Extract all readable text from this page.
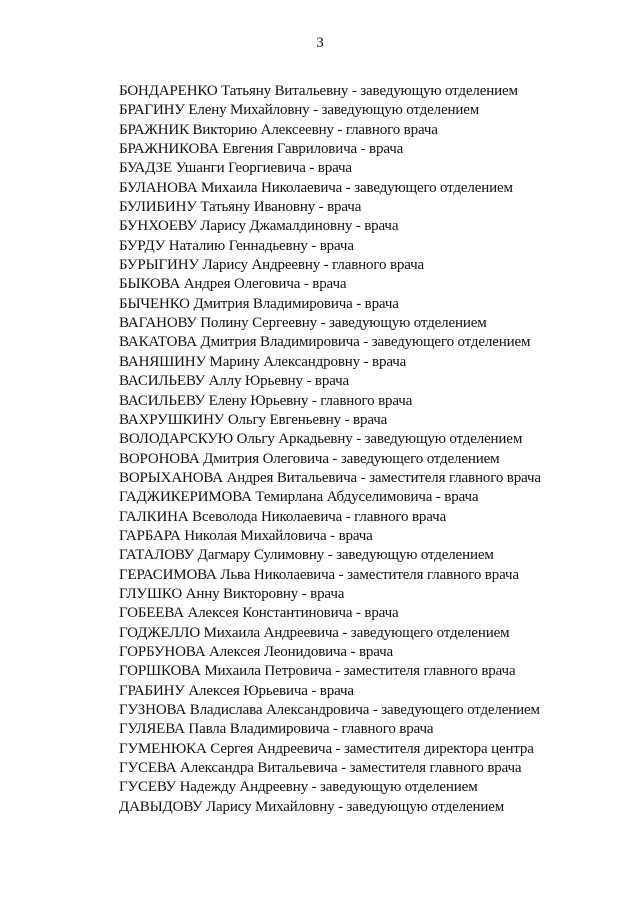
3
БОНДАРЕНКО Татьяну Витальевну - заведующую отделением
БРАГИНУ Елену Михайловну - заведующую отделением
БРАЖНИК Викторию Алексеевну - главного врача
БРАЖНИКОВА Евгения Гавриловича - врача
БУАДЗЕ Ушанги Георгиевича - врача
БУЛАНОВА Михаила Николаевича - заведующего отделением
БУЛИБИНУ Татьяну Ивановну - врача
БУНХОЕВУ Ларису Джамалдиновну - врача
БУРДУ Наталию Геннадьевну - врача
БУРЫГИНУ Ларису Андреевну - главного врача
БЫКОВА Андрея Олеговича - врача
БЫЧЕНКО Дмитрия Владимировича - врача
ВАГАНОВУ Полину Сергеевну - заведующую отделением
ВАКАТОВА Дмитрия Владимировича - заведующего отделением
ВАНЯШИНУ Марину Александровну - врача
ВАСИЛЬЕВУ Аллу Юрьевну - врача
ВАСИЛЬЕВУ Елену Юрьевну - главного врача
ВАХРУШКИНУ Ольгу Евгеньевну - врача
ВОЛОДАРСКУЮ Ольгу Аркадьевну - заведующую отделением
ВОРОНОВА Дмитрия Олеговича - заведующего отделением
ВОРЫХАНОВА Андрея Витальевича - заместителя главного врача
ГАДЖИКЕРИМОВА Темирлана Абдуселимовича - врача
ГАЛКИНА Всеволода Николаевича - главного врача
ГАРБАРА Николая Михайловича - врача
ГАТАЛОВУ Дагмару Сулимовну - заведующую отделением
ГЕРАСИМОВА Льва Николаевича - заместителя главного врача
ГЛУШКО Анну Викторовну - врача
ГОБЕЕВА Алексея Константиновича - врача
ГОДЖЕЛЛО Михаила Андреевича - заведующего отделением
ГОРБУНОВА Алексея Леонидовича - врача
ГОРШКОВА Михаила Петровича - заместителя главного врача
ГРАБИНУ Алексея Юрьевича - врача
ГУЗНОВА Владислава Александровича - заведующего отделением
ГУЛЯЕВА Павла Владимировича - главного врача
ГУМЕНЮКА Сергея Андреевича - заместителя директора центра
ГУСЕВА Александра Витальевича - заместителя главного врача
ГУСЕВУ Надежду Андреевну - заведующую отделением
ДАВЫДОВУ Ларису Михайловну - заведующую отделением
